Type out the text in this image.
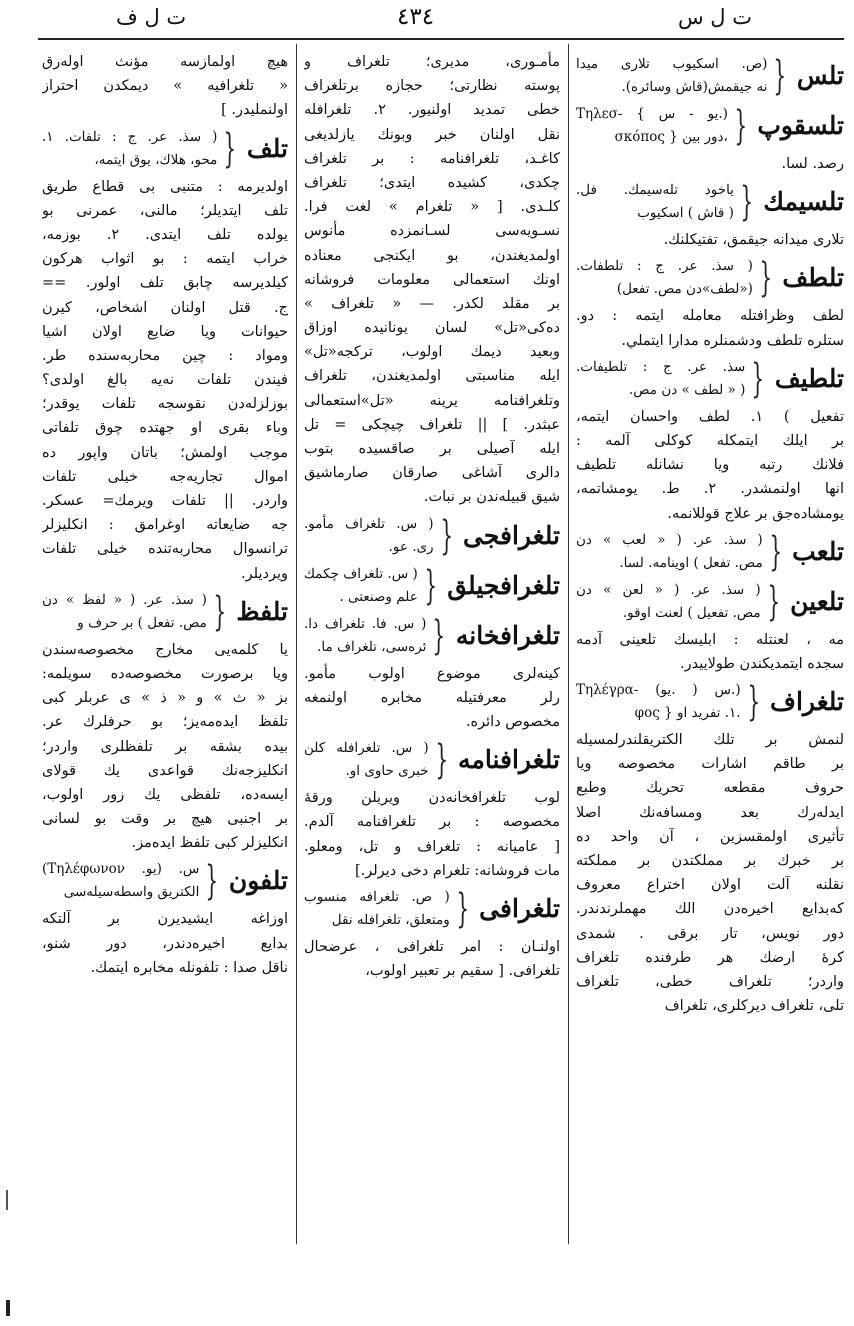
ت ل ف	٤٣٤	ت ل س
تلس
{
(ص. اسكيوب تلاری ميدا
نه جيقمش(قاش وسائره).
تلسقوپ
{
Τηλεσ- { يو - س.)
σκόπος } دور بين،
رصد. لسا.
تلسيمك
{
ياخود تلەسيمك. فل.
( قاش ) اسكيوب
تلاری ميدانه جيقمق، تفتيكلنك.
تلطف
{
( سذ. عر. ج : تلطفات.
(«لطف»دن مص. تفعل)
لطف وظرافتله معامله ايتمه : دو.
ستلره تلطف ودشمنلره مدارا ايتملي.
تلطيف
{
سذ. عر. ج : تلطيفات.
( « لطف » دن مص.
تفعيل ) ١. لطف واحسان ايتمه،
بر ايلك ايتمكله كوكلی آلمه :
فلانك رتبه ويا نشانله تلطيف
انها اولنمشدر. ٢. ط. يومشاتمه،
يومشادەجق بر علاج قوللانمه.
تلعب
{
( سذ. عر. ( « لعب » دن
مص. تفعل ) اوينامه. لسا.
تلعين
{
( سذ. عر. ( « لعن » دن
مص. تفعيل ) لعنت اوقو.
مه ، لعنتله : ابليسك تلعينی آدمه
سجده ايتمديكندن طولاييدر.
تلغراف
{
Τηλέγρα- (يو. ) س.)
φος } ١. تفريد او.
لنمش بر تلك الكتريقلندرلمسيله
بر طاقم اشارات مخصوصه ويا
حروف مقطعه تحريك وطبع
ايدلەرك بعد ومسافەنك اصلا
تأثيری اولمقسزين ، آن واحد ده
بر خبرك بر مملكتدن بر مملكته
نقلنه آلت اولان اختراع معروف
كەبدايع اخيرەدن الك مهملرندندر.
دور نويس، تار برقی . شمدی
كرهٔ ارضك هر طرفنده تلغراف
واردر؛ تلغراف خطی، تلغراف
تلی، تلغراف ديركلری، تلغراف
مأمـوری، مديری؛ تلغراف و
پوسته نظارتی؛ حجازه برتلغراف
خطی تمديد اولنيور. ٢. تلغرافله
نقل اولنان خبر وبونك يازلديغی
كاغـد، تلغرافنامه : بر تلغراف
چكدی، كشيده ايتدی؛ تلغراف
كلـدی. [ « تلغرام » لغت فرا.
نسـويەسی لسـانمزده مأنوس
اولمديغندن، بو ايكنجی معناده
اونك استعمالی معلومات فروشانه
بر مقلد لكدر. — « تلغراف »
دەكی«تل» لسان يونانيده اوزاق
وبعيد ديمك اولوب، تركجه«تل»
ايله مناسبتی اولمديغندن، تلغراف
وتلغرافنامه يرينه «تل»استعمالی
عبثدر. ] || تلغراف چيچكی = تل
ايله آصيلی بر صاقسيده بتوب
دالری آشاغی صارقان صارماشيق
شيق قبيلەندن بر نبات.
تلغرافجی
{
( س. تلغراف مأمو.
ری. عو.
تلغرافجيلق
{
( س. تلغراف چكمك
علم وصنعتی .
تلغرافخانه
{
( س. فا. تلغراف دا.
ئرەسی، تلغراف ما.
كينەلری موضوع اولوب مأمو.
رلر معرفتيله مخابره اولنمغه
مخصوص دائره.
تلغرافنامه
{
( س. تلغرافله كلن
خبری حاوی او.
لوب تلغرافخانەدن ويريلن ورقهٔ
مخصوصه : بر تلغرافنامه آلدم.
[ عاميانه : تلغراف و تل، ومعلو.
مات فروشانه: تلغرام دخی دیرلر.]
تلغرافی
{
( ص. تلغرافه منسوب
ومتعلق، تلغرافله نقل
اولنـان : امر تلغرافی ، عرضحال
تلغرافی. [ سقيم بر تعبير اولوب،
هيچ اولمازسه مؤنث اولەرق
« تلغرافيه » ديمكدن احتراز
اولنمليدر. ]
تلف
{
( سذ. عر. ج : تلفات. ١.
محو، هلاك، يوق ايتمه،
اولديرمه : متنبی بی قطاع طريق
تلف ايتديلر؛ مالنی، عمرنی بو
يولده تلف ايتدی. ٢. بوزمه،
خراب ايتمه : بو اثواب هركون
كيلديرسه چابق تلف اولور. ==
ج. قتل اولنان اشخاص، كيرن
حيوانات ويا ضايع اولان اشيا
ومواد : چين محاربەسنده طر.
فيندن تلفات نەيه بالغ اولدی؟
بوزلزلەدن نقوسجه تلفات يوقدر؛
وباء بقری او جهتده چوق تلفاتی
موجب اولمش؛ باتان واپور ده
اموال تجاريەجه خيلی تلفات
واردر. || تلفات ويرمك= عسكر.
جه ضايعاته اوغرامق : انكليزلر
ترانسوال محاربەتنده خيلی تلفات
ويرديلر.
تلفظ
{
( سذ. عر. ( « لفظ » دن
مص. تفعل ) بر حرف و
يا كلمەيی مخارج مخصوصەسندن
ويا برصورت مخصوصەده سويلمه:
بز « ث » و « ذ » ی عربلر كبی
تلفظ ايدەمەيز؛ بو حرفلرك عر.
بيده بشقه بر تلفظلری واردر؛
انكليزجەنك قواعدی يك قولای
ايسەده، تلفظی يك زور اولوب،
بر اجنبی هيچ بر وقت بو لسانی
انكليزلر كبی تلفظ ايدەمز.
تلفون
{
(Τηλέφωνον .يو) .س
الكتريق واسطەسيلەسی
اوزاغه ايشيديرن بر آلتكه
بدايع اخيرەدندر، دور شنو،
ناقل صدا : تلفونله مخابره ايتمك.
